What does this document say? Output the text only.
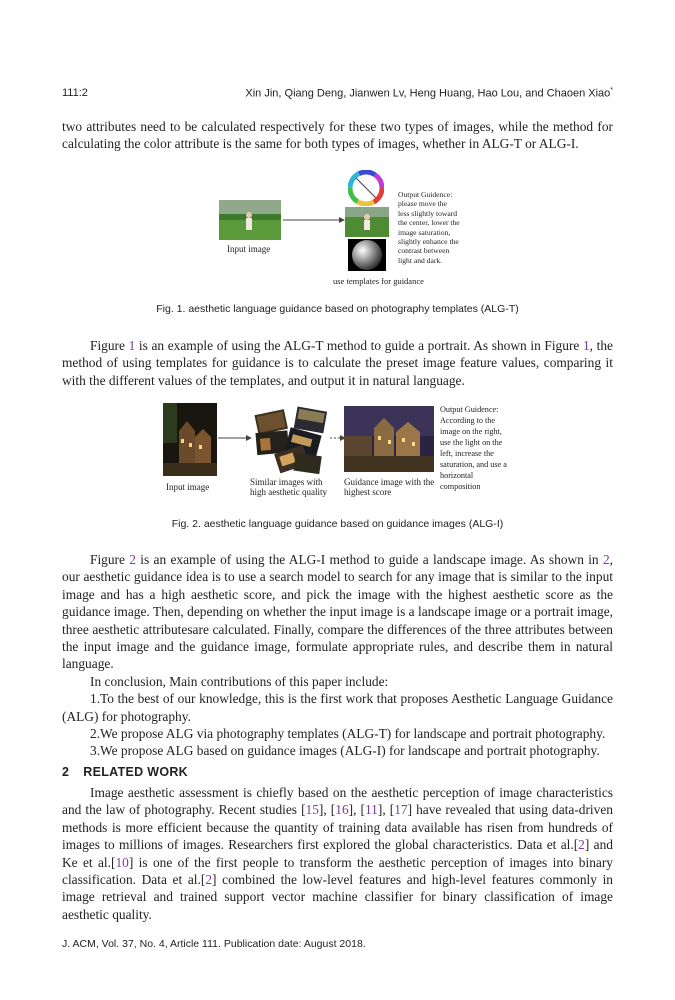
111:2	Xin Jin, Qiang Deng, Jianwen Lv, Heng Huang, Hao Lou, and Chaoen Xiao*

two attributes need to be calculated respectively for these two types of images, while the method for calculating the color attribute is the same for both types of images, whether in ALG-T or ALG-I.

Input image
Output Guidence: please move the less slightly toward the center, lower the image saturation, slightly enhance the contrast between light and dark.
use templates for guidance
Fig. 1. aesthetic language guidance based on photography templates (ALG-T)

Figure 1 is an example of using the ALG-T method to guide a portrait. As shown in Figure 1, the method of using templates for guidance is to calculate the preset image feature values, comparing it with the different values of the templates, and output it in natural language.

Input image	Similar images with
high aesthetic quality
Guidance image with the
highest score
Output Guidence: According to the image on the right, use the light on the left, increase the saturation, and use a horizontal composition
Fig. 2. aesthetic language guidance based on guidance images (ALG-I)

Figure 2 is an example of using the ALG-I method to guide a landscape image. As shown in 2, our aesthetic guidance idea is to use a search model to search for any image that is similar to the input image and has a high aesthetic score, and pick the image with the highest aesthetic score as the guidance image. Then, depending on whether the input image is a landscape image or a portrait image, three aesthetic attributesare calculated. Finally, compare the differences of the three attributes between the input image and the guidance image, formulate appropriate rules, and describe them in natural language.

In conclusion, Main contributions of this paper include:

1.To the best of our knowledge, this is the first work that proposes Aesthetic Language Guidance (ALG) for photography.

2.We propose ALG via photography templates (ALG-T) for landscape and portrait photography.

3.We propose ALG based on guidance images (ALG-I) for landscape and portrait photography.

2 RELATED WORK

Image aesthetic assessment is chiefly based on the aesthetic perception of image characteristics and the law of photography. Recent studies [15], [16], [11], [17] have revealed that using data-driven methods is more efficient because the quantity of training data available has risen from hundreds of images to millions of images. Researchers first explored the global characteristics. Data et al.[2] and Ke et al.[10] is one of the first people to transform the aesthetic perception of images into binary classification. Data et al.[2] combined the low-level features and high-level features commonly in image retrieval and trained support vector machine classifier for binary classification of image aesthetic quality.

J. ACM, Vol. 37, No. 4, Article 111. Publication date: August 2018.
